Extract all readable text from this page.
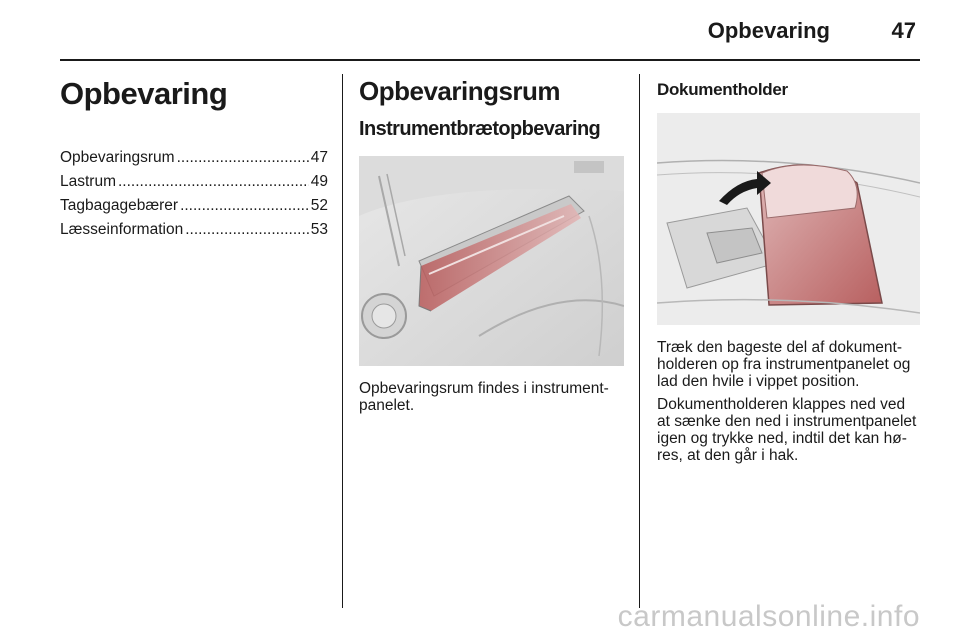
Opbevaring	47
Opbevaring
Opbevaringsrum .....	47
Lastrum .....	49
Tagbagagebærer .....	52
Læsseinformation .....	53
Opbevaringsrum
Instrumentbrætopbevaring

Opbevaringsrum findes i instrument-
panelet.

Dokumentholder

Træk den bageste del af dokument-
holderen op fra instrumentpanelet og
lad den hvile i vippet position.

Dokumentholderen klappes ned ved
at sænke den ned i instrumentpanelet
igen og trykke ned, indtil det kan hø-
res, at den går i hak.

carmanualsonline.info
